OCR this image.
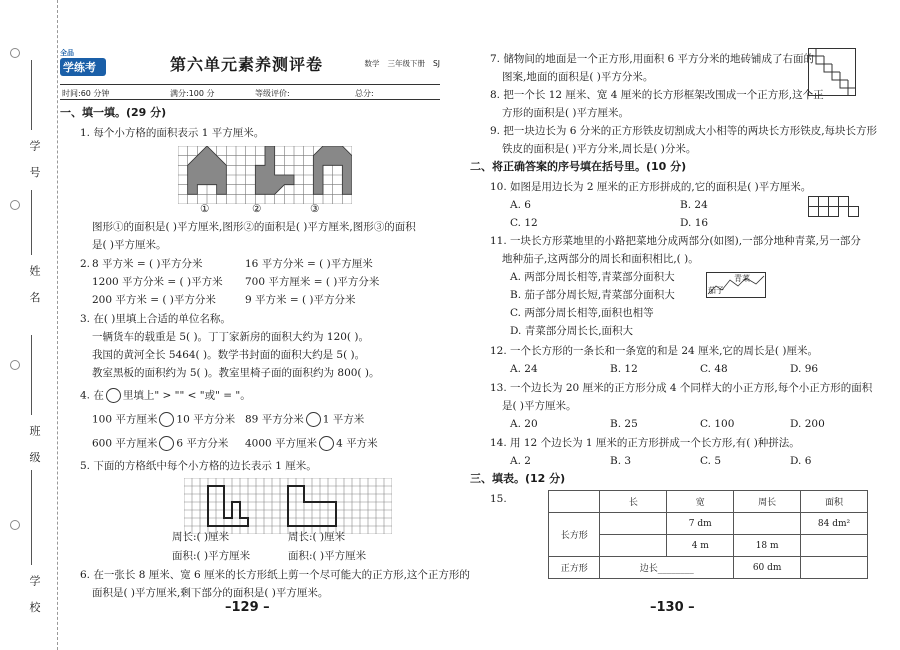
学 号
姓 名
班 级
学 校
全品
学练考	第六单元素养测评卷	数学 三年级下册 SJ
时间:60 分钟	满分:100 分	等级评价:	总分:
一、填一填。(29 分)
1. 每个小方格的面积表示 1 平方厘米。
①	②	③
图形①的面积是( )平方厘米,图形②的面积是( )平方厘米,图形③的面积
是( )平方厘米。
2. 8 平方米 = ( )平方分米	16 平方分米 = ( )平方厘米
1200 平方分米 = ( )平方米 700 平方厘米 = ( )平方分米
200 平方米 = ( )平方分米	9 平方米 = ( )平方分米
3. 在( )里填上合适的单位名称。
一辆货车的载重是 5( )。丁丁家新房的面积大约为 120( )。
我国的黄河全长 5464( )。数学书封面的面积大约是 5( )。
教室黑板的面积约为 5( )。教室里椅子面的面积约为 800( )。
4. 在 里填上" > "" < "或" = "。
100 平方厘米 10 平方分米 89 平方分米 1 平方米
600 平方厘米 6 平方分米 4000 平方厘米 4 平方米
5. 下面的方格纸中每个小方格的边长表示 1 厘米。
周长:( )厘米	周长:( )厘米
面积:( )平方厘米	面积:( )平方厘米
6. 在一张长 8 厘米、宽 6 厘米的长方形纸上剪一个尽可能大的正方形,这个正方形的
面积是( )平方厘米,剩下部分的面积是( )平方厘米。
–129 –
7. 储物间的地面是一个正方形,用面积 6 平方分米的地砖铺成了右面的
图案,地面的面积是( )平方分米。
8. 把一个长 12 厘米、宽 4 厘米的长方形框架改围成一个正方形,这个正
方形的面积是( )平方厘米。
9. 把一块边长为 6 分米的正方形铁皮切割成大小相等的两块长方形铁皮,每块长方形
铁皮的面积是( )平方分米,周长是( )分米。
二、将正确答案的序号填在括号里。(10 分)
10. 如图是用边长为 2 厘米的正方形拼成的,它的面积是( )平方厘米。
A. 6	B. 24
C. 12	D. 16
11. 一块长方形菜地里的小路把菜地分成两部分(如图),一部分地种青菜,另一部分
地种茄子,这两部分的周长和面积相比,( )。
A. 两部分周长相等,青菜部分面积大
B. 茄子部分周长短,青菜部分面积大
C. 两部分周长相等,面积也相等
D. 青菜部分周长长,面积大
青菜
茄子
12. 一个长方形的一条长和一条宽的和是 24 厘米,它的周长是( )厘米。
A. 24	B. 12	C. 48	D. 96
13. 一个边长为 20 厘米的正方形分成 4 个同样大的小正方形,每个小正方形的面积
是( )平方厘米。
A. 20	B. 25	C. 100	D. 200
14. 用 12 个边长为 1 厘米的正方形拼成一个长方形,有( )种拼法。
A. 2	B. 3	C. 5	D. 6
三、填表。(12 分)
15.
		长	宽	周长	面积
长方形		7 dm		84 dm²
		4 m	18 m	
正方形	边长________		60 dm	
–130 –
